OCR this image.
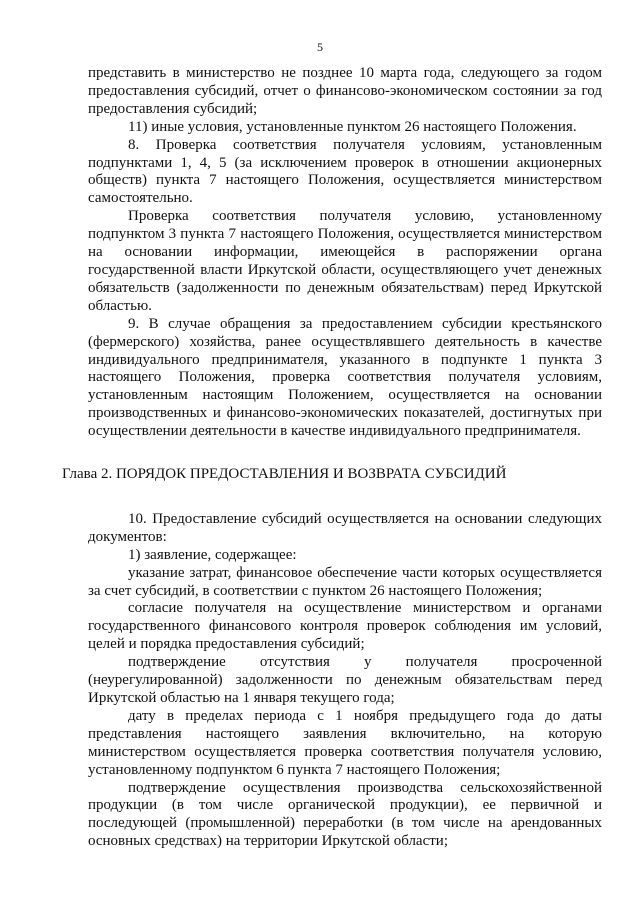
5

представить в министерство не позднее 10 марта года, следующего за годом предоставления субсидий, отчет о финансово-экономическом состоянии за год предоставления субсидий;

11) иные условия, установленные пунктом 26 настоящего Положения.

8. Проверка соответствия получателя условиям, установленным подпунктами 1, 4, 5 (за исключением проверок в отношении акционерных обществ) пункта 7 настоящего Положения, осуществляется министерством самостоятельно.

Проверка соответствия получателя условию, установленному подпунктом 3 пункта 7 настоящего Положения, осуществляется министерством на основании информации, имеющейся в распоряжении органа государственной власти Иркутской области, осуществляющего учет денежных обязательств (задолженности по денежным обязательствам) перед Иркутской областью.

9. В случае обращения за предоставлением субсидии крестьянского (фермерского) хозяйства, ранее осуществлявшего деятельность в качестве индивидуального предпринимателя, указанного в подпункте 1 пункта 3 настоящего Положения, проверка соответствия получателя условиям, установленным настоящим Положением, осуществляется на основании производственных и финансово-экономических показателей, достигнутых при осуществлении деятельности в качестве индивидуального предпринимателя.

Глава 2. ПОРЯДОК ПРЕДОСТАВЛЕНИЯ И ВОЗВРАТА СУБСИДИЙ

10. Предоставление субсидий осуществляется на основании следующих документов:

1) заявление, содержащее:

указание затрат, финансовое обеспечение части которых осуществляется за счет субсидий, в соответствии с пунктом 26 настоящего Положения;

согласие получателя на осуществление министерством и органами государственного финансового контроля проверок соблюдения им условий, целей и порядка предоставления субсидий;

подтверждение отсутствия у получателя просроченной (неурегулированной) задолженности по денежным обязательствам перед Иркутской областью на 1 января текущего года;

дату в пределах периода с 1 ноября предыдущего года до даты представления настоящего заявления включительно, на которую министерством осуществляется проверка соответствия получателя условию, установленному подпунктом 6 пункта 7 настоящего Положения;

подтверждение осуществления производства сельскохозяйственной продукции (в том числе органической продукции), ее первичной и последующей (промышленной) переработки (в том числе на арендованных основных средствах) на территории Иркутской области;
